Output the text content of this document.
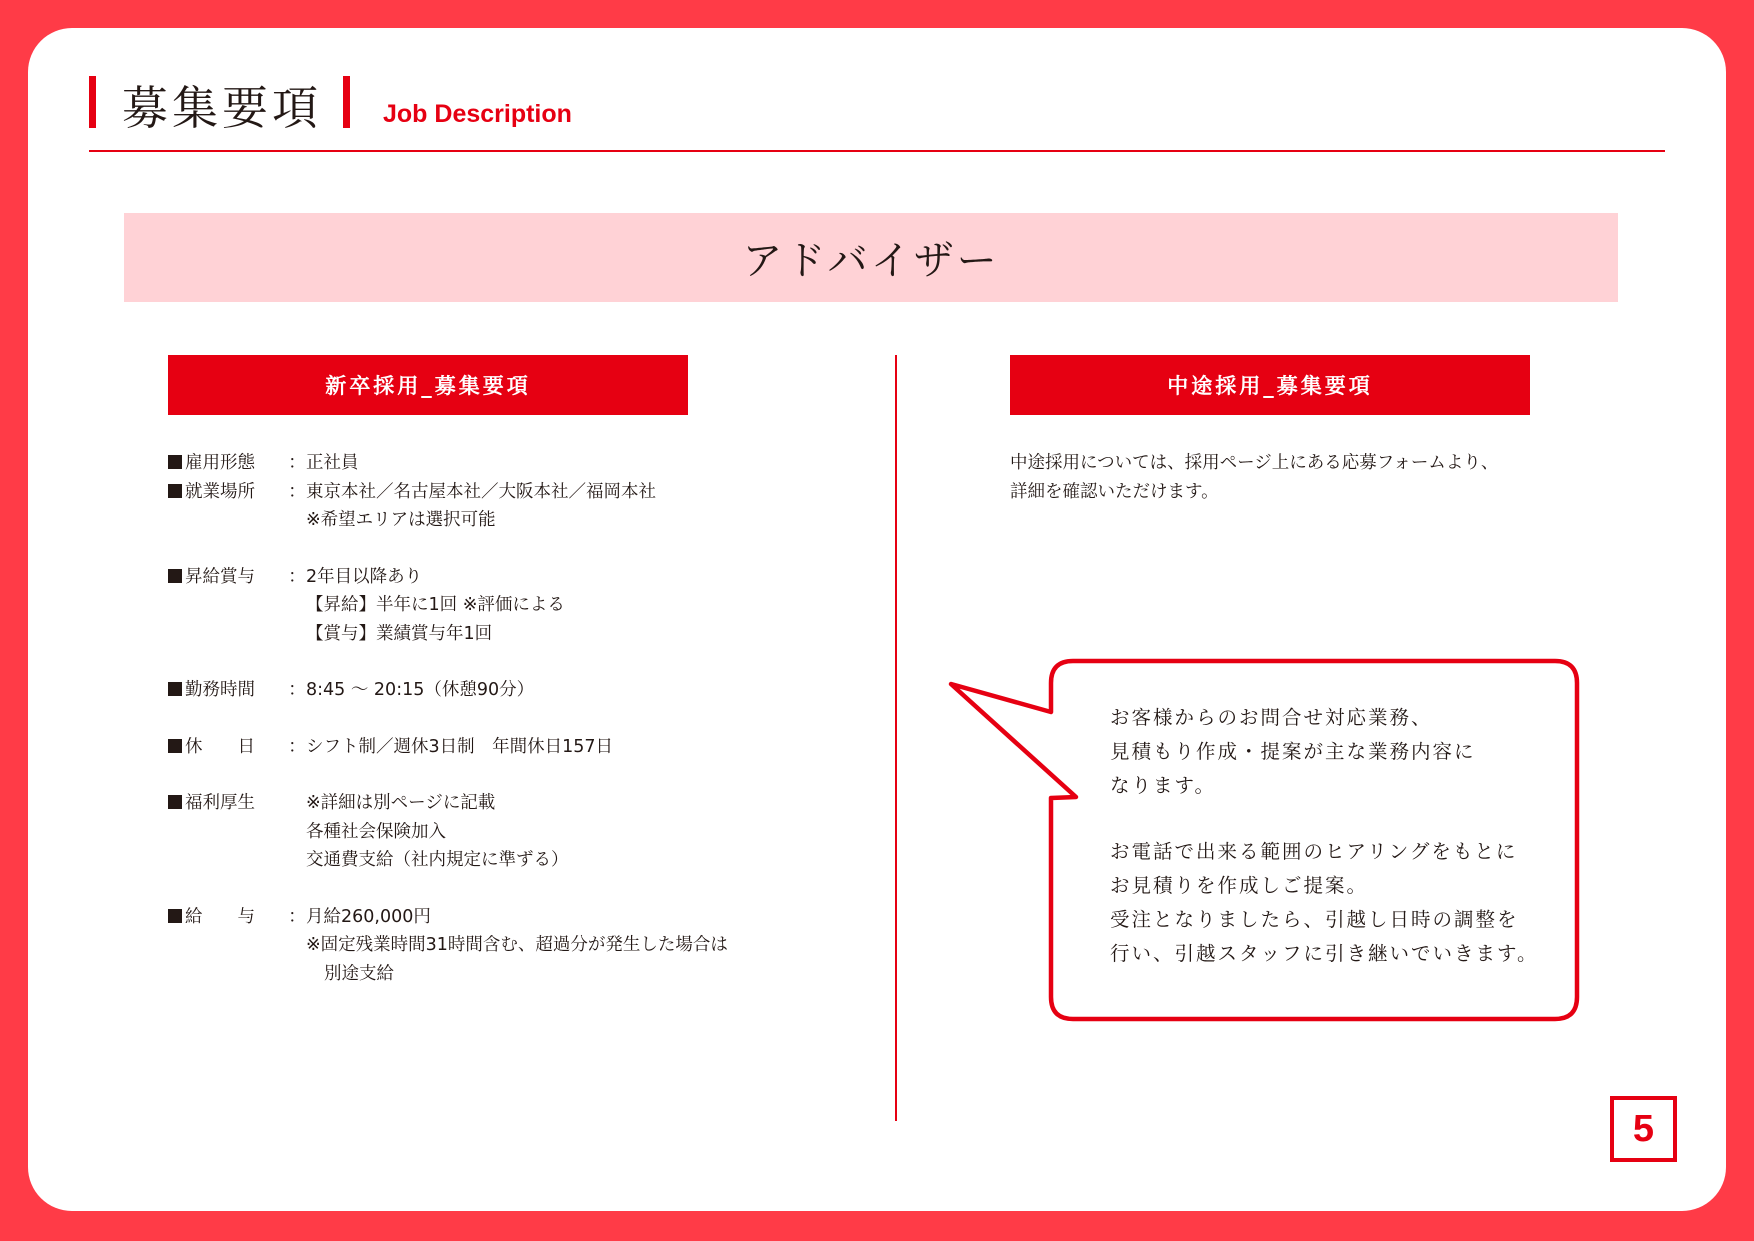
募集要項 Job Description
アドバイザー
新卒採用_募集要項	中途採用_募集要項
雇用形態	： 正社員
就業場所	： 東京本社／名古屋本社／大阪本社／福岡本社
※希望エリアは選択可能
昇給賞与	： 2年目以降あり
【昇給】半年に1回 ※評価による
【賞与】業績賞与年1回
勤務時間	： 8:45 ～ 20:15（休憩90分）
休　　日	： シフト制／週休3日制　年間休日157日
福利厚生	※詳細は別ページに記載
各種社会保険加入
交通費支給（社内規定に準ずる）
給　　与	： 月給260,000円
※固定残業時間31時間含む、超過分が発生した場合は
別途支給
中途採用については、採用ページ上にある応募フォームより、
詳細を確認いただけます。
お客様からのお問合せ対応業務、
見積もり作成・提案が主な業務内容に
なります。
お電話で出来る範囲のヒアリングをもとに
お見積りを作成しご提案。
受注となりましたら、引越し日時の調整を
行い、引越スタッフに引き継いでいきます。
5
